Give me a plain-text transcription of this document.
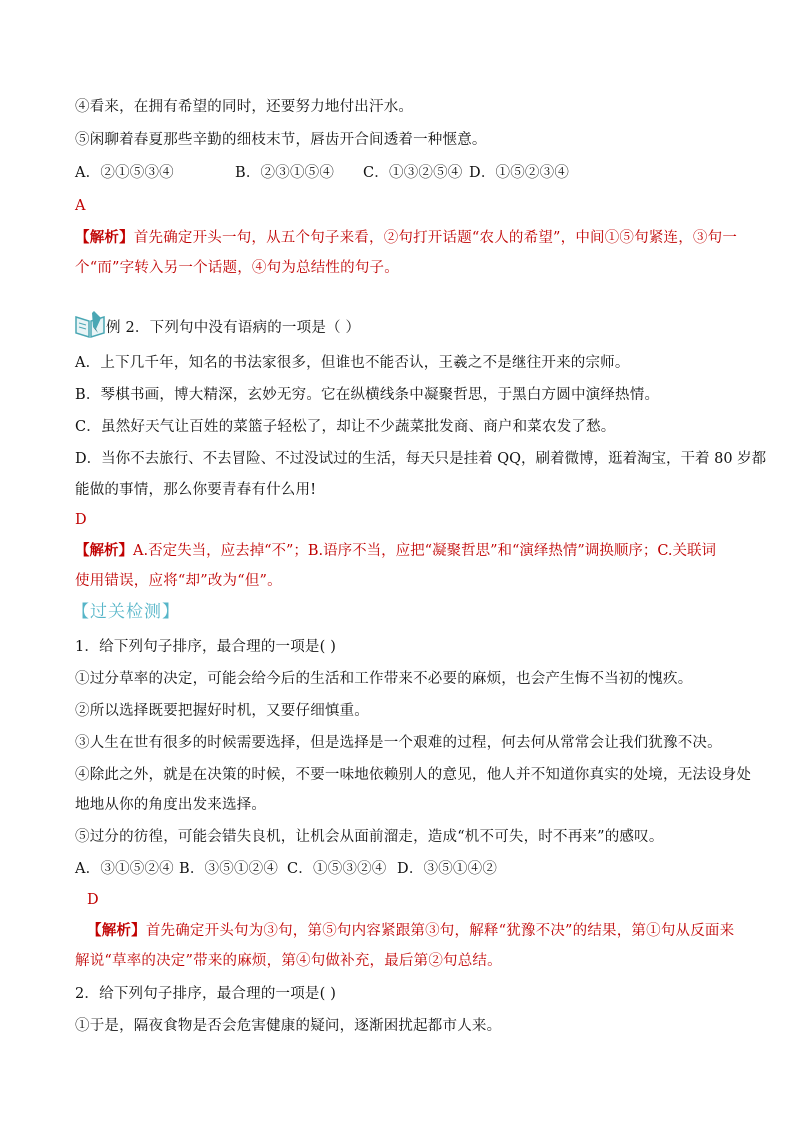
④看来，在拥有希望的同时，还要努力地付出汗水。
⑤闲聊着春夏那些辛勤的细枝末节，唇齿开合间透着一种惬意。
A．②①⑤③④	B．②③①⑤④ C．①③②⑤④ D．①⑤②③④
A
【解析】首先确定开头一句，从五个句子来看，②句打开话题“农人的希望”，中间①⑤句紧连，③句一
个“而”字转入另一个话题，④句为总结性的句子。
例 2．下列句中没有语病的一项是（ ）
A．上下几千年，知名的书法家很多，但谁也不能否认，王羲之不是继往开来的宗师。
B．琴棋书画，博大精深，玄妙无穷。它在纵横线条中凝聚哲思，于黑白方圆中演绎热情。
C．虽然好天气让百姓的菜篮子轻松了，却让不少蔬菜批发商、商户和菜农发了愁。
D．当你不去旅行、不去冒险、不过没试过的生活，每天只是挂着 QQ，刷着微博，逛着淘宝，干着 80 岁都
能做的事情，那么你要青春有什么用!
D
【解析】A.否定失当，应去掉“不”；B.语序不当，应把“凝聚哲思”和“演绎热情”调换顺序；C.关联词
使用错误，应将“却”改为“但”。
【过关检测】
1．给下列句子排序，最合理的一项是( )
①过分草率的决定，可能会给今后的生活和工作带来不必要的麻烦，也会产生悔不当初的愧疚。
②所以选择既要把握好时机，又要仔细慎重。
③人生在世有很多的时候需要选择，但是选择是一个艰难的过程，何去何从常常会让我们犹豫不决。
④除此之外，就是在决策的时候，不要一味地依赖别人的意见，他人并不知道你真实的处境，无法设身处
地地从你的角度出发来选择。
⑤过分的彷徨，可能会错失良机，让机会从面前溜走，造成“机不可失，时不再来”的感叹。
A．③①⑤②④ B．③⑤①②④ C．①⑤③②④ D．③⑤①④②
D
【解析】首先确定开头句为③句，第⑤句内容紧跟第③句，解释“犹豫不决”的结果，第①句从反面来
解说“草率的决定”带来的麻烦，第④句做补充，最后第②句总结。
2．给下列句子排序，最合理的一项是( )
①于是，隔夜食物是否会危害健康的疑问，逐渐困扰起都市人来。
